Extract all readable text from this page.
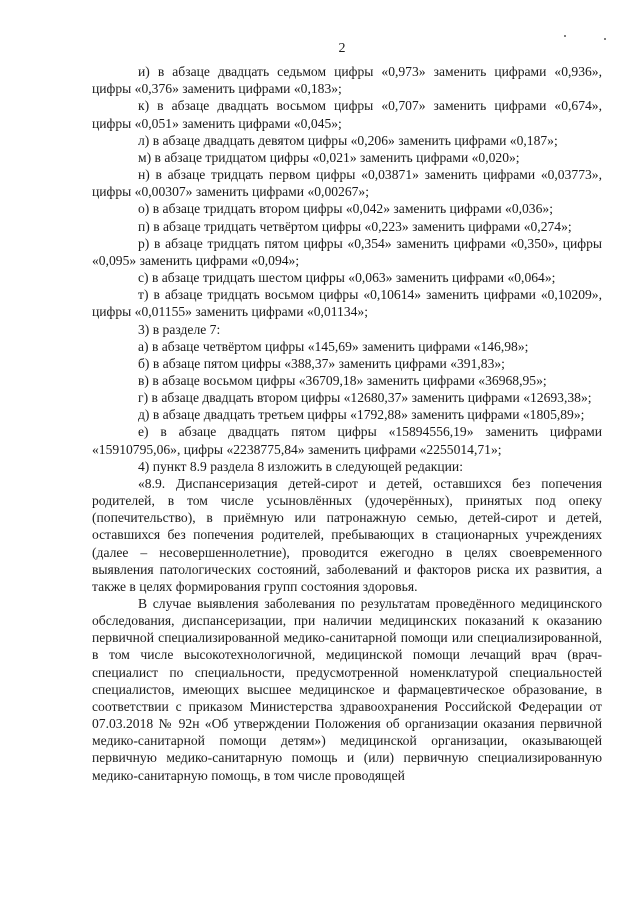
2

и) в абзаце двадцать седьмом цифры «0,973» заменить цифрами «0,936», цифры «0,376» заменить цифрами «0,183»;

к) в абзаце двадцать восьмом цифры «0,707» заменить цифрами «0,674», цифры «0,051» заменить цифрами «0,045»;

л) в абзаце двадцать девятом цифры «0,206» заменить цифрами «0,187»;

м) в абзаце тридцатом цифры «0,021» заменить цифрами «0,020»;

н) в абзаце тридцать первом цифры «0,03871» заменить цифрами «0,03773», цифры «0,00307» заменить цифрами «0,00267»;

о) в абзаце тридцать втором цифры «0,042» заменить цифрами «0,036»;

п) в абзаце тридцать четвёртом цифры «0,223» заменить цифрами «0,274»;

р) в абзаце тридцать пятом цифры «0,354» заменить цифрами «0,350», цифры «0,095» заменить цифрами «0,094»;

с) в абзаце тридцать шестом цифры «0,063» заменить цифрами «0,064»;

т) в абзаце тридцать восьмом цифры «0,10614» заменить цифрами «0,10209», цифры «0,01155» заменить цифрами «0,01134»;

3) в разделе 7:

а) в абзаце четвёртом цифры «145,69» заменить цифрами «146,98»;

б) в абзаце пятом цифры «388,37» заменить цифрами «391,83»;

в) в абзаце восьмом цифры «36709,18» заменить цифрами «36968,95»;

г) в абзаце двадцать втором цифры «12680,37» заменить цифрами «12693,38»;

д) в абзаце двадцать третьем цифры «1792,88» заменить цифрами «1805,89»;

е) в абзаце двадцать пятом цифры «15894556,19» заменить цифрами «15910795,06», цифры «2238775,84» заменить цифрами «2255014,71»;

4) пункт 8.9 раздела 8 изложить в следующей редакции:

«8.9. Диспансеризация детей-сирот и детей, оставшихся без попечения родителей, в том числе усыновлённых (удочерённых), принятых под опеку (попечительство), в приёмную или патронажную семью, детей-сирот и детей, оставшихся без попечения родителей, пребывающих в стационарных учреждениях (далее – несовершеннолетние), проводится ежегодно в целях своевременного выявления патологических состояний, заболеваний и факторов риска их развития, а также в целях формирования групп состояния здоровья.

В случае выявления заболевания по результатам проведённого медицинского обследования, диспансеризации, при наличии медицинских показаний к оказанию первичной специализированной медико-санитарной помощи или специализированной, в том числе высокотехнологичной, медицинской помощи лечащий врач (врач-специалист по специальности, предусмотренной номенклатурой специальностей специалистов, имеющих высшее медицинское и фармацевтическое образование, в соответствии с приказом Министерства здравоохранения Российской Федерации от 07.03.2018 № 92н «Об утверждении Положения об организации оказания первичной медико-санитарной помощи детям») медицинской организации, оказывающей первичную медико-санитарную помощь и (или) первичную специализированную медико-санитарную помощь, в том числе проводящей
